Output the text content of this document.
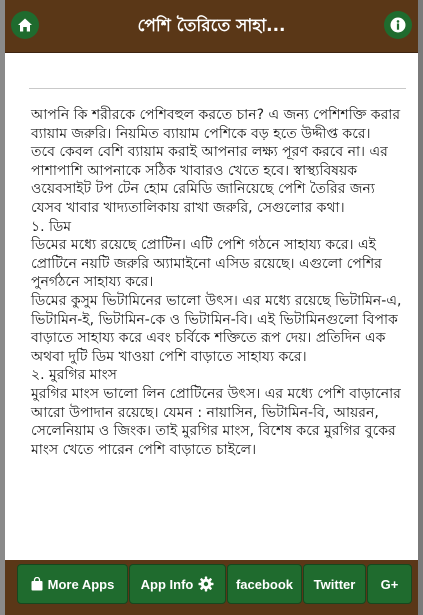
পেশি তৈরিতে সাহা...

আপনি কি শরীরকে পেশিবহুল করতে চান? এ জন্য পেশিশক্তি করার ব্যায়াম জরুরি। নিয়মিত ব্যায়াম পেশিকে বড় হতে উদ্দীপ্ত করে।

তবে কেবল বেশি ব্যায়াম করাই আপনার লক্ষ্য পূরণ করবে না। এর পাশাপাশি আপনাকে সঠিক খাবারও খেতে হবে। স্বাস্থ্যবিষয়ক ওয়েবসাইট টপ টেন হোম রেমিডি জানিয়েছে পেশি তৈরির জন্য যেসব খাবার খাদ্যতালিকায় রাখা জরুরি, সেগুলোর কথা।

১. ডিম

ডিমের মধ্যে রয়েছে প্রোটিন। এটি পেশি গঠনে সাহায্য করে। এই প্রোটিনে নয়টি জরুরি অ্যামাইনো এসিড রয়েছে। এগুলো পেশির পুনর্গঠনে সাহায্য করে।

ডিমের কুসুম ভিটামিনের ভালো উৎস। এর মধ্যে রয়েছে ভিটামিন-এ, ভিটামিন-ই, ভিটামিন-কে ও ভিটামিন-বি। এই ভিটামিনগুলো বিপাক বাড়াতে সাহায্য করে এবং চর্বিকে শক্তিতে রূপ দেয়। প্রতিদিন এক অথবা দুটি ডিম খাওয়া পেশি বাড়াতে সাহায্য করে।

২. মুরগির মাংস

মুরগির মাংস ভালো লিন প্রোটিনের উৎস। এর মধ্যে পেশি বাড়ানোর আরো উপাদান রয়েছে। যেমন : নায়াসিন, ভিটামিন-বি, আয়রন, সেলেনিয়াম ও জিংক। তাই মুরগির মাংস, বিশেষ করে মুরগির বুকের মাংস খেতে পারেন পেশি বাড়াতে চাইলে।

More Apps App Info	facebook Twitter G+
